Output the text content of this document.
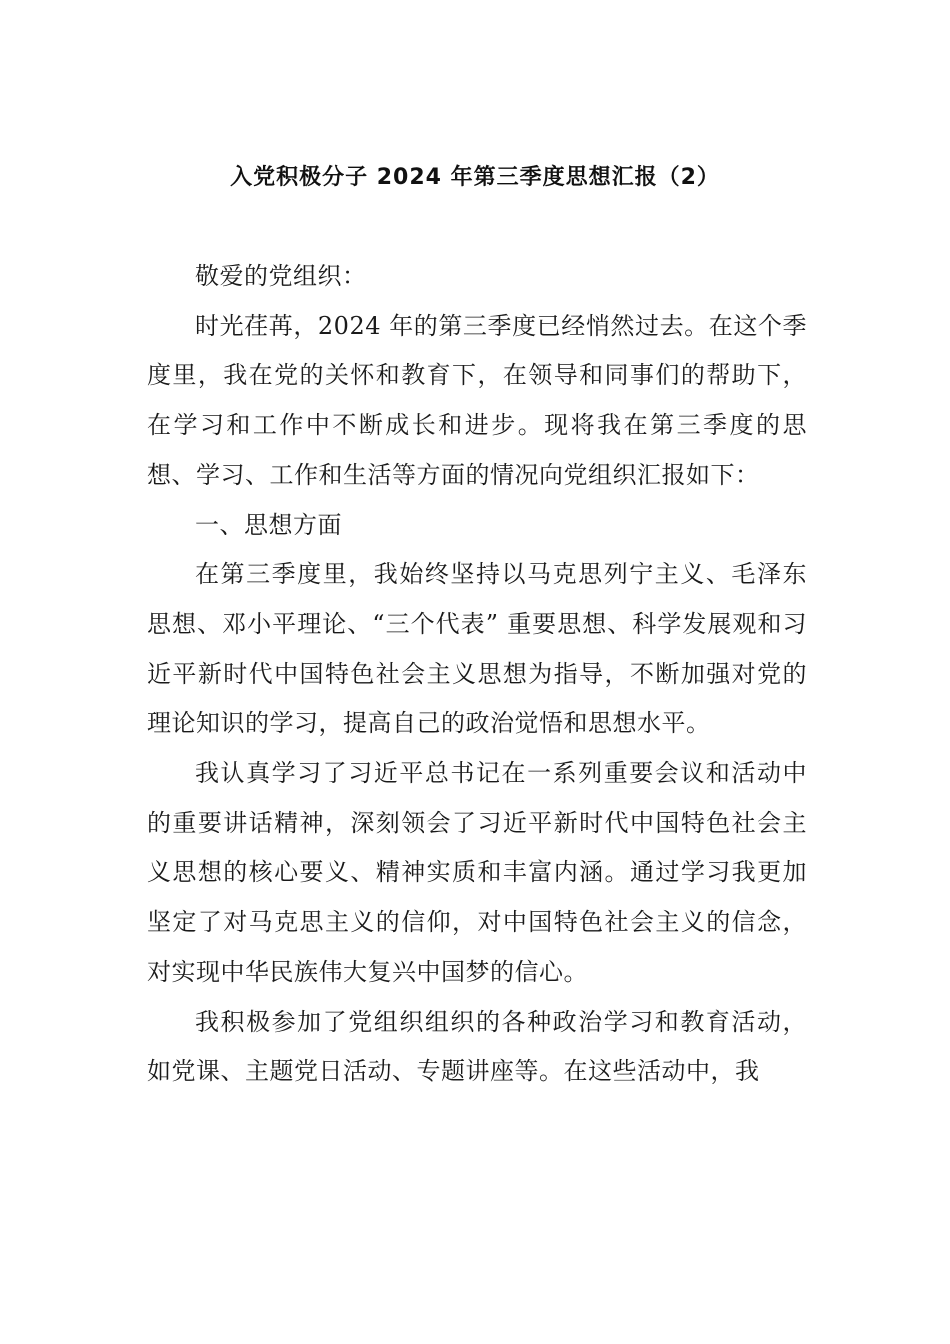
入党积极分子 2024 年第三季度思想汇报（2）

敬爱的党组织：

时光荏苒，2024 年的第三季度已经悄然过去。在这个季度里，我在党的关怀和教育下，在领导和同事们的帮助下，在学习和工作中不断成长和进步。现将我在第三季度的思想、学习、工作和生活等方面的情况向党组织汇报如下：

一、思想方面

在第三季度里，我始终坚持以马克思列宁主义、毛泽东思想、邓小平理论、“三个代表” 重要思想、科学发展观和习近平新时代中国特色社会主义思想为指导，不断加强对党的理论知识的学习，提高自己的政治觉悟和思想水平。

我认真学习了习近平总书记在一系列重要会议和活动中的重要讲话精神，深刻领会了习近平新时代中国特色社会主义思想的核心要义、精神实质和丰富内涵。通过学习我更加坚定了对马克思主义的信仰，对中国特色社会主义的信念，对实现中华民族伟大复兴中国梦的信心。

我积极参加了党组织组织的各种政治学习和教育活动，如党课、主题党日活动、专题讲座等。在这些活动中，我
